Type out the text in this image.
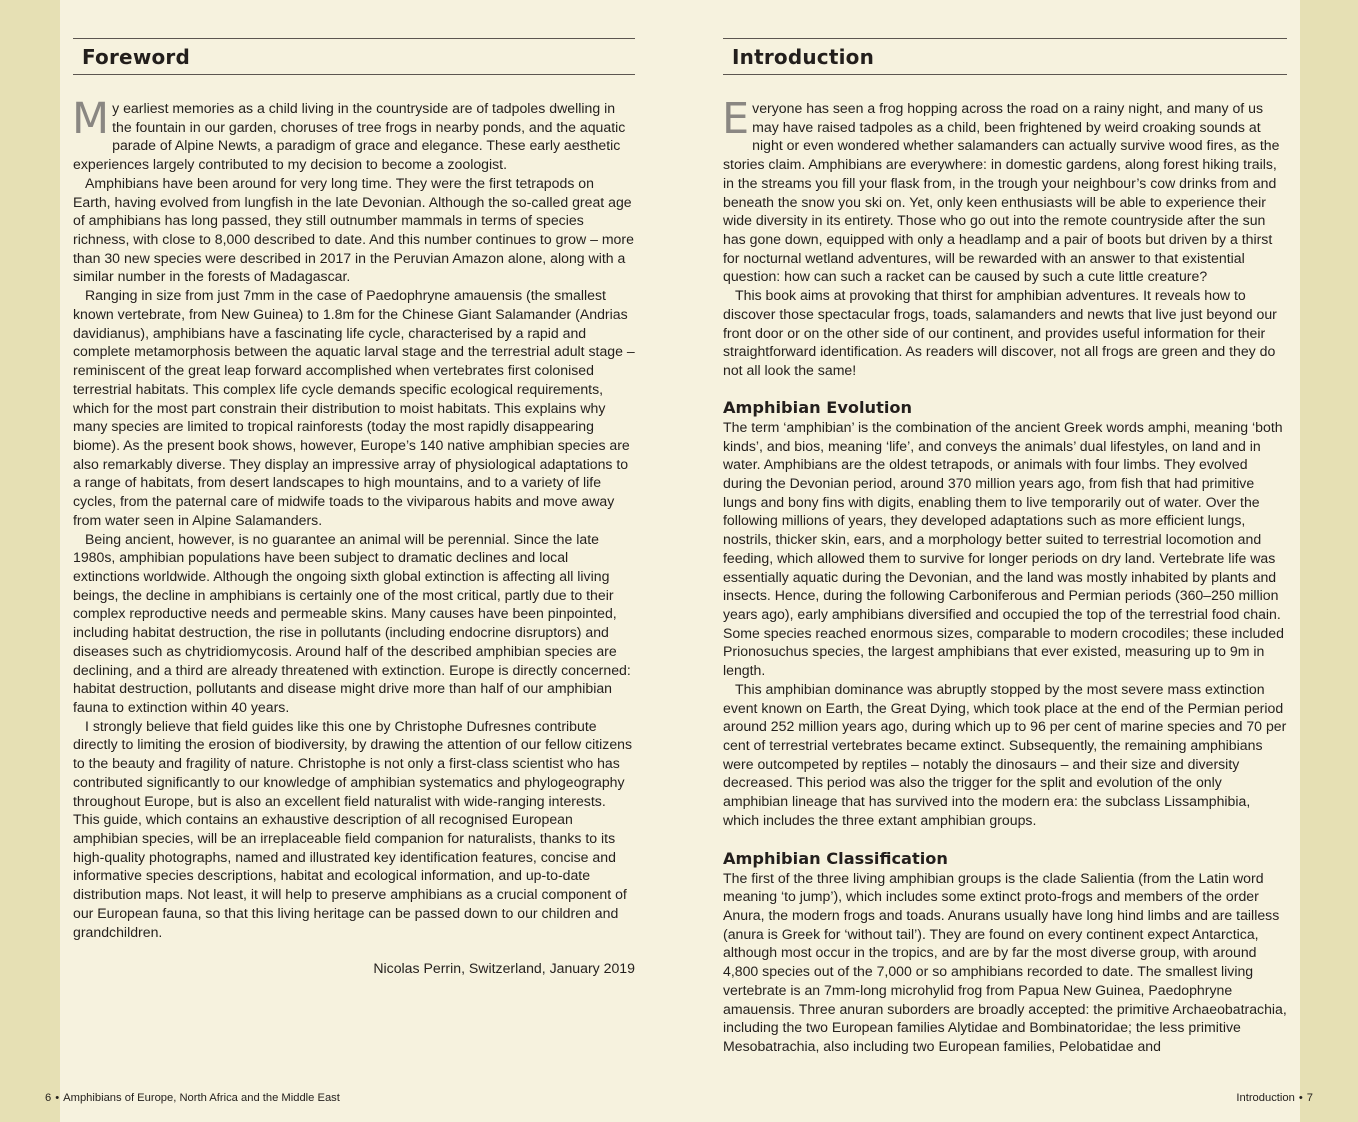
Foreword

My earliest memories as a child living in the countryside are of tadpoles dwelling in the fountain in our garden, choruses of tree frogs in nearby ponds, and the aquatic parade of Alpine Newts, a paradigm of grace and elegance. These early aesthetic experiences largely contributed to my decision to become a zoologist.

Amphibians have been around for very long time. They were the first tetrapods on Earth, having evolved from lungfish in the late Devonian. Although the so-called great age of amphibians has long passed, they still outnumber mammals in terms of species richness, with close to 8,000 described to date. And this number continues to grow – more than 30 new species were described in 2017 in the Peruvian Amazon alone, along with a similar number in the forests of Madagascar.

Ranging in size from just 7mm in the case of Paedophryne amauensis (the smallest known vertebrate, from New Guinea) to 1.8m for the Chinese Giant Salamander (Andrias davidianus), amphibians have a fascinating life cycle, characterised by a rapid and complete metamorphosis between the aquatic larval stage and the terrestrial adult stage – reminiscent of the great leap forward accomplished when vertebrates first colonised terrestrial habitats. This complex life cycle demands specific ecological requirements, which for the most part constrain their distribution to moist habitats. This explains why many species are limited to tropical rainforests (today the most rapidly disappearing biome). As the present book shows, however, Europe’s 140 native amphibian species are also remarkably diverse. They display an impressive array of physiological adaptations to a range of habitats, from desert landscapes to high mountains, and to a variety of life cycles, from the paternal care of midwife toads to the viviparous habits and move away from water seen in Alpine Salamanders.

Being ancient, however, is no guarantee an animal will be perennial. Since the late 1980s, amphibian populations have been subject to dramatic declines and local extinctions worldwide. Although the ongoing sixth global extinction is affecting all living beings, the decline in amphibians is certainly one of the most critical, partly due to their complex reproductive needs and permeable skins. Many causes have been pinpointed, including habitat destruction, the rise in pollutants (including endocrine disruptors) and diseases such as chytridiomycosis. Around half of the described amphibian species are declining, and a third are already threatened with extinction. Europe is directly concerned: habitat destruction, pollutants and disease might drive more than half of our amphibian fauna to extinction within 40 years.

I strongly believe that field guides like this one by Christophe Dufresnes contribute directly to limiting the erosion of biodiversity, by drawing the attention of our fellow citizens to the beauty and fragility of nature. Christophe is not only a first-class scientist who has contributed significantly to our knowledge of amphibian systematics and phylogeography throughout Europe, but is also an excellent field naturalist with wide-ranging interests. This guide, which contains an exhaustive description of all recognised European amphibian species, will be an irreplaceable field companion for naturalists, thanks to its high-quality photographs, named and illustrated key identification features, concise and informative species descriptions, habitat and ecological information, and up-to-date distribution maps. Not least, it will help to preserve amphibians as a crucial component of our European fauna, so that this living heritage can be passed down to our children and grandchildren.

Nicolas Perrin, Switzerland, January 2019
Introduction

Everyone has seen a frog hopping across the road on a rainy night, and many of us may have raised tadpoles as a child, been frightened by weird croaking sounds at night or even wondered whether salamanders can actually survive wood fires, as the stories claim. Amphibians are everywhere: in domestic gardens, along forest hiking trails, in the streams you fill your flask from, in the trough your neighbour’s cow drinks from and beneath the snow you ski on. Yet, only keen enthusiasts will be able to experience their wide diversity in its entirety. Those who go out into the remote countryside after the sun has gone down, equipped with only a headlamp and a pair of boots but driven by a thirst for nocturnal wetland adventures, will be rewarded with an answer to that existential question: how can such a racket can be caused by such a cute little creature?

This book aims at provoking that thirst for amphibian adventures. It reveals how to discover those spectacular frogs, toads, salamanders and newts that live just beyond our front door or on the other side of our continent, and provides useful information for their straightforward identification. As readers will discover, not all frogs are green and they do not all look the same!

Amphibian Evolution

The term ‘amphibian’ is the combination of the ancient Greek words amphi, meaning ‘both kinds’, and bios, meaning ‘life’, and conveys the animals’ dual lifestyles, on land and in water. Amphibians are the oldest tetrapods, or animals with four limbs. They evolved during the Devonian period, around 370 million years ago, from fish that had primitive lungs and bony fins with digits, enabling them to live temporarily out of water. Over the following millions of years, they developed adaptations such as more efficient lungs, nostrils, thicker skin, ears, and a morphology better suited to terrestrial locomotion and feeding, which allowed them to survive for longer periods on dry land. Vertebrate life was essentially aquatic during the Devonian, and the land was mostly inhabited by plants and insects. Hence, during the following Carboniferous and Permian periods (360–250 million years ago), early amphibians diversified and occupied the top of the terrestrial food chain. Some species reached enormous sizes, comparable to modern crocodiles; these included Prionosuchus species, the largest amphibians that ever existed, measuring up to 9m in length.

This amphibian dominance was abruptly stopped by the most severe mass extinction event known on Earth, the Great Dying, which took place at the end of the Permian period around 252 million years ago, during which up to 96 per cent of marine species and 70 per cent of terrestrial vertebrates became extinct. Subsequently, the remaining amphibians were outcompeted by reptiles – notably the dinosaurs – and their size and diversity decreased. This period was also the trigger for the split and evolution of the only amphibian lineage that has survived into the modern era: the subclass Lissamphibia, which includes the three extant amphibian groups.

Amphibian Classification

The first of the three living amphibian groups is the clade Salientia (from the Latin word meaning ‘to jump’), which includes some extinct proto-frogs and members of the order Anura, the modern frogs and toads. Anurans usually have long hind limbs and are tailless (anura is Greek for ‘without tail’). They are found on every continent expect Antarctica, although most occur in the tropics, and are by far the most diverse group, with around 4,800 species out of the 7,000 or so amphibians recorded to date. The smallest living vertebrate is an 7mm-long microhylid frog from Papua New Guinea, Paedophryne amauensis. Three anuran suborders are broadly accepted: the primitive Archaeobatrachia, including the two European families Alytidae and Bombinatoridae; the less primitive Mesobatrachia, also including two European families, Pelobatidae and

6 • Amphibians of Europe, North Africa and the Middle East	Introduction • 7
